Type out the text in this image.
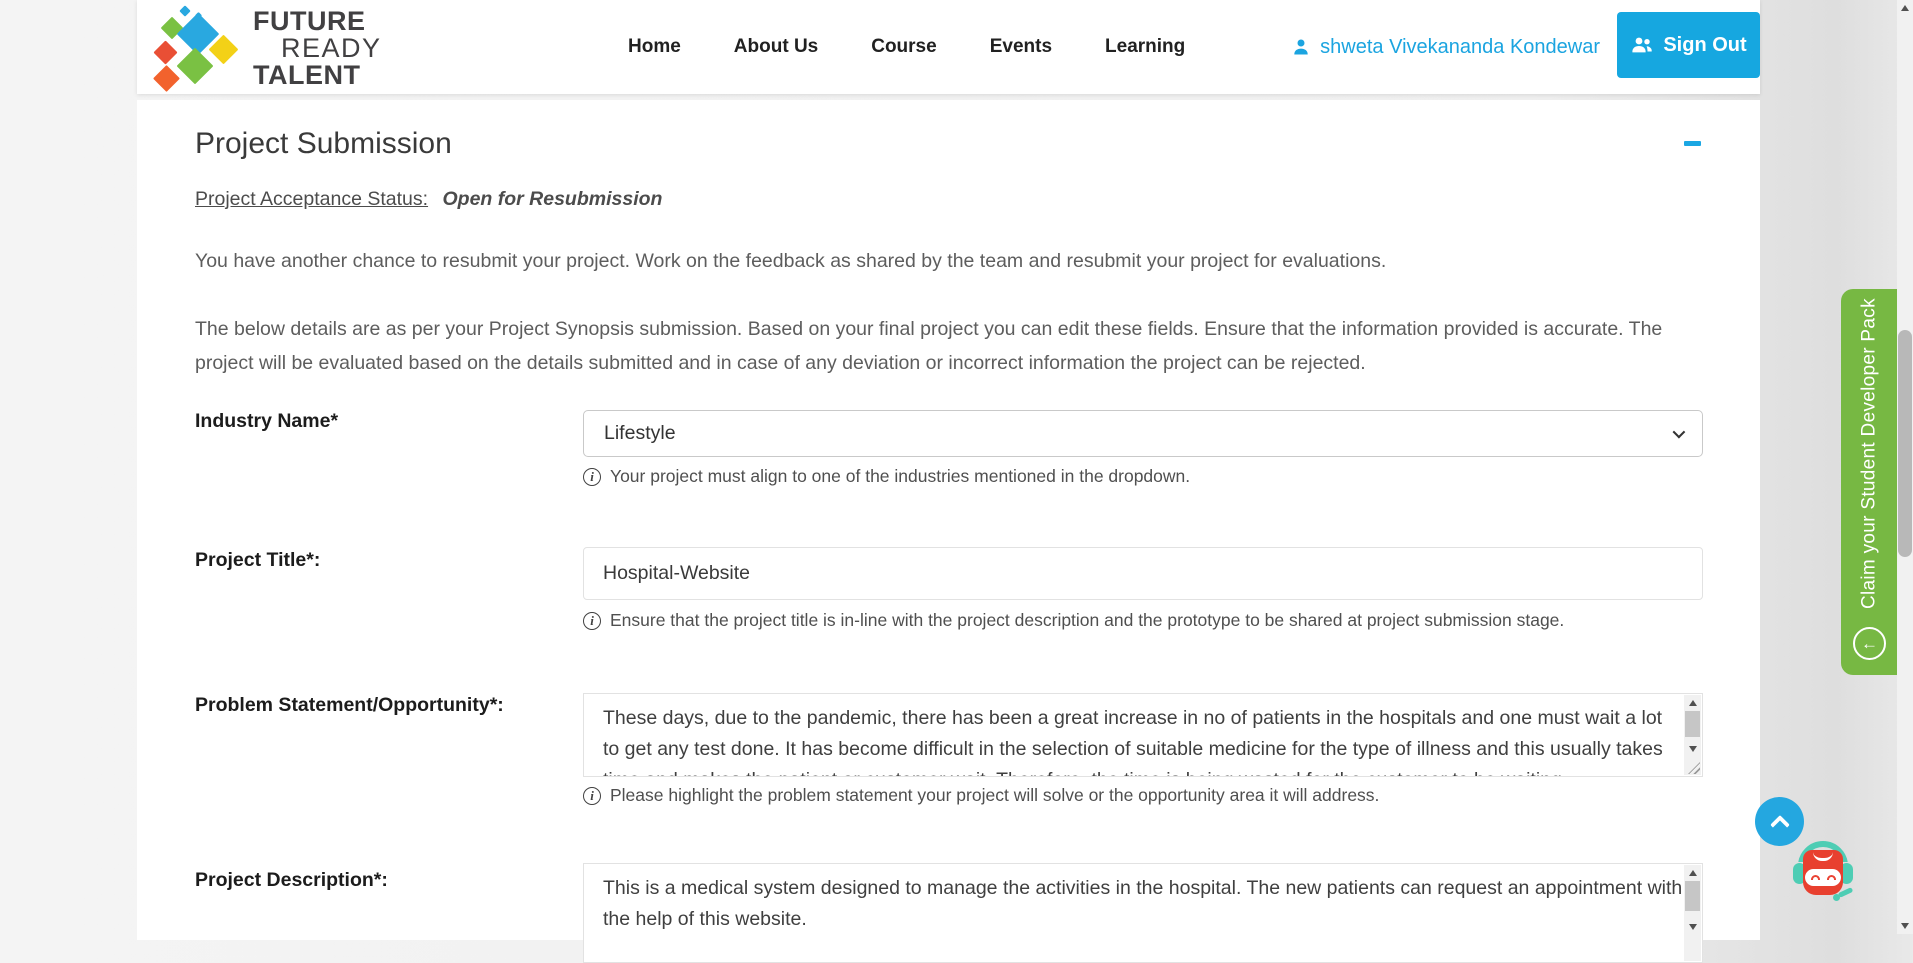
FUTURE
READY
TALENT
Home	About Us	Course	Events	Learning	shweta Vivekananda Kondewar	Sign Out
Project Submission

Project Acceptance Status: Open for Resubmission

You have another chance to resubmit your project. Work on the feedback as shared by the team and resubmit your project for evaluations.

The below details are as per your Project Synopsis submission. Based on your final project you can edit these fields. Ensure that the information provided is accurate. The project will be evaluated based on the details submitted and in case of any deviation or incorrect information the project can be rejected.

Industry Name*
Lifestyle
i Your project must align to one of the industries mentioned in the dropdown.
Project Title*:
Hospital-Website
i Ensure that the project title is in-line with the project description and the prototype to be shared at project submission stage.
Problem Statement/Opportunity*:
These days, due to the pandemic, there has been a great increase in no of patients in the hospitals and one must wait a lot to get any test done. It has become difficult in the selection of suitable medicine for the type of illness and this usually takes time and makes the patient or customer wait. Therefore, the time is being wasted for the customer to be waiting
i Please highlight the problem statement your project will solve or the opportunity area it will address.
Project Description*:
This is a medical system designed to manage the activities in the hospital. The new patients can request an appointment with the help of this website.
Claim your Student Developer Pack
←
